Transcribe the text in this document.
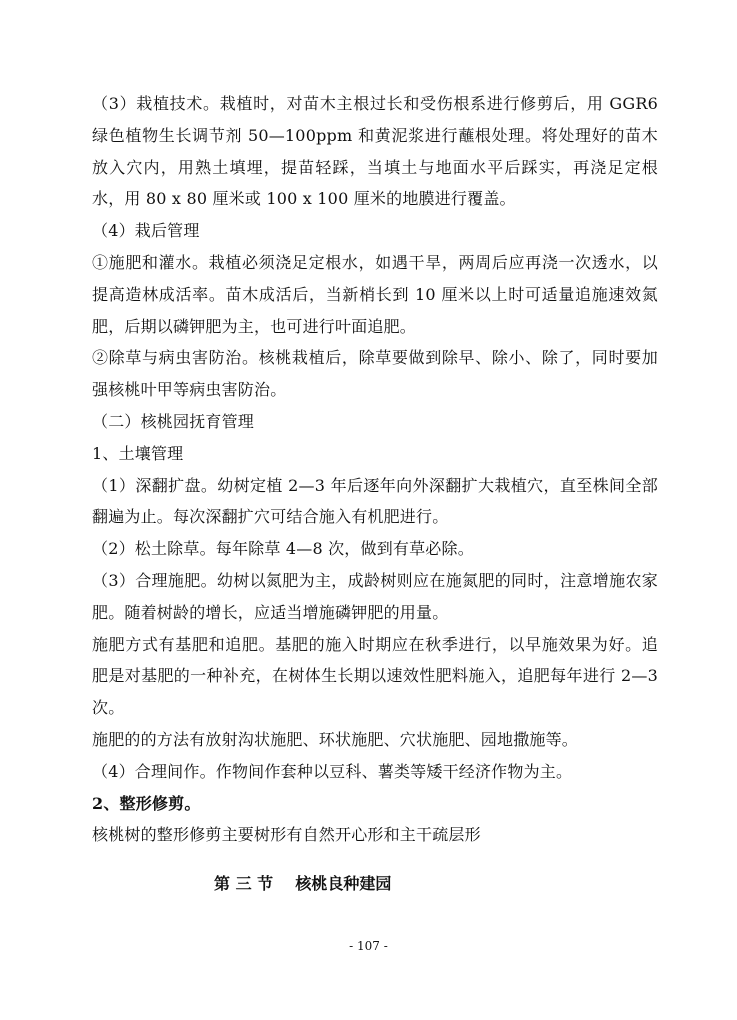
（3）栽植技术。栽植时，对苗木主根过长和受伤根系进行修剪后，用 GGR6 绿色植物生长调节剂 50—100ppm 和黄泥浆进行蘸根处理。将处理好的苗木放入穴内，用熟土填埋，提苗轻踩，当填土与地面水平后踩实，再浇足定根水，用 80 x 80 厘米或 100 x 100 厘米的地膜进行覆盖。

（4）栽后管理

①施肥和灌水。栽植必须浇足定根水，如遇干旱，两周后应再浇一次透水，以提高造林成活率。苗木成活后，当新梢长到 10 厘米以上时可适量追施速效氮肥，后期以磷钾肥为主，也可进行叶面追肥。

②除草与病虫害防治。核桃栽植后，除草要做到除早、除小、除了，同时要加强核桃叶甲等病虫害防治。

（二）核桃园抚育管理

1、土壤管理

（1）深翻扩盘。幼树定植 2—3 年后逐年向外深翻扩大栽植穴，直至株间全部翻遍为止。每次深翻扩穴可结合施入有机肥进行。

（2）松土除草。每年除草 4—8 次，做到有草必除。

（3）合理施肥。幼树以氮肥为主，成龄树则应在施氮肥的同时，注意增施农家肥。随着树龄的增长，应适当增施磷钾肥的用量。

施肥方式有基肥和追肥。基肥的施入时期应在秋季进行，以早施效果为好。追肥是对基肥的一种补充，在树体生长期以速效性肥料施入，追肥每年进行 2—3 次。

施肥的的方法有放射沟状施肥、环状施肥、穴状施肥、园地撒施等。

（4）合理间作。作物间作套种以豆科、薯类等矮干经济作物为主。

2、整形修剪。

核桃树的整形修剪主要树形有自然开心形和主干疏层形

第 三 节    核桃良种建园

- 107 -
